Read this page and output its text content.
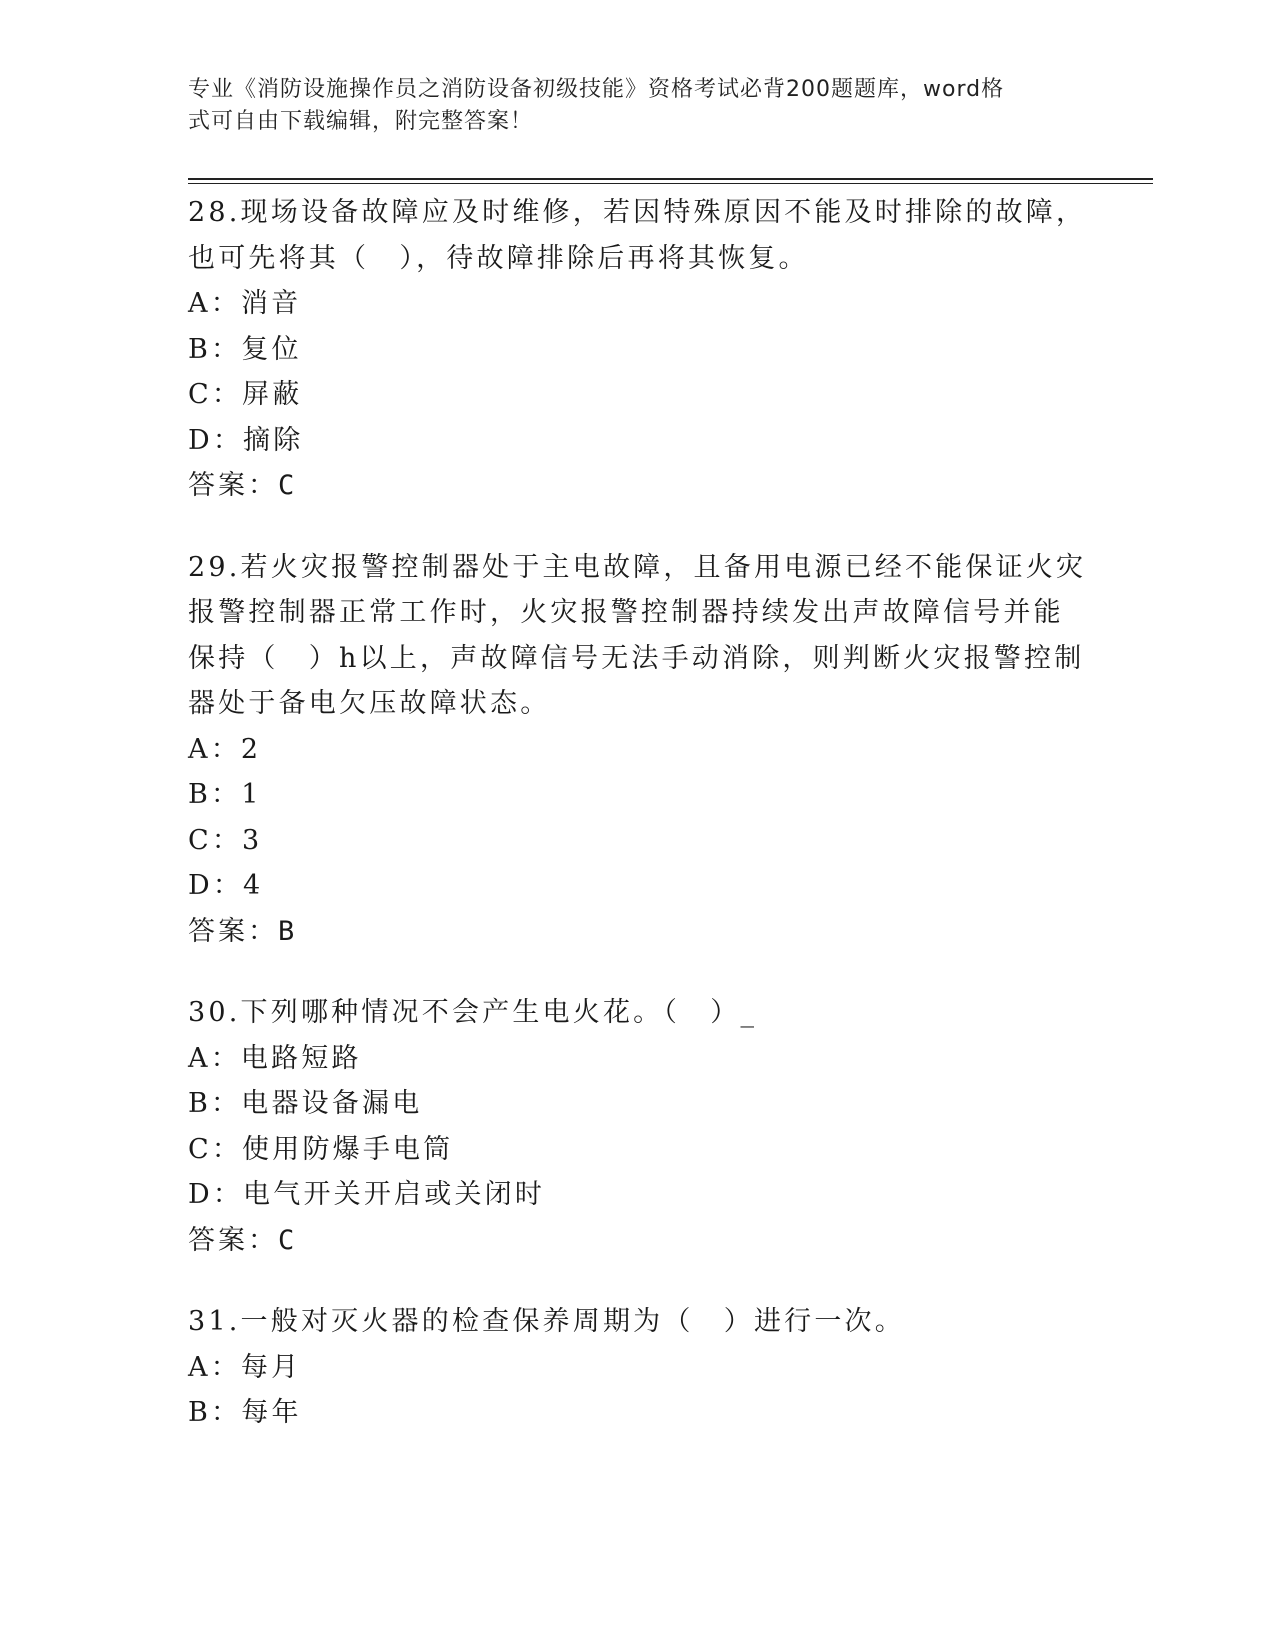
专业《消防设施操作员之消防设备初级技能》资格考试必背200题题库，word格
式可自由下载编辑，附完整答案！

28.现场设备故障应及时维修，若因特殊原因不能及时排除的故障，也可先将其（　），待故障排除后再将其恢复。

A：消音

B：复位

C：屏蔽

D：摘除

答案：C

29.若火灾报警控制器处于主电故障，且备用电源已经不能保证火灾报警控制器正常工作时，火灾报警控制器持续发出声故障信号并能保持（　）h以上，声故障信号无法手动消除，则判断火灾报警控制器处于备电欠压故障状态。

A：2

B：1

C：3

D：4

答案：B

30.下列哪种情况不会产生电火花。（　）_

A：电路短路

B：电器设备漏电

C：使用防爆手电筒

D：电气开关开启或关闭时

答案：C

31.一般对灭火器的检查保养周期为（　）进行一次。

A：每月

B：每年
